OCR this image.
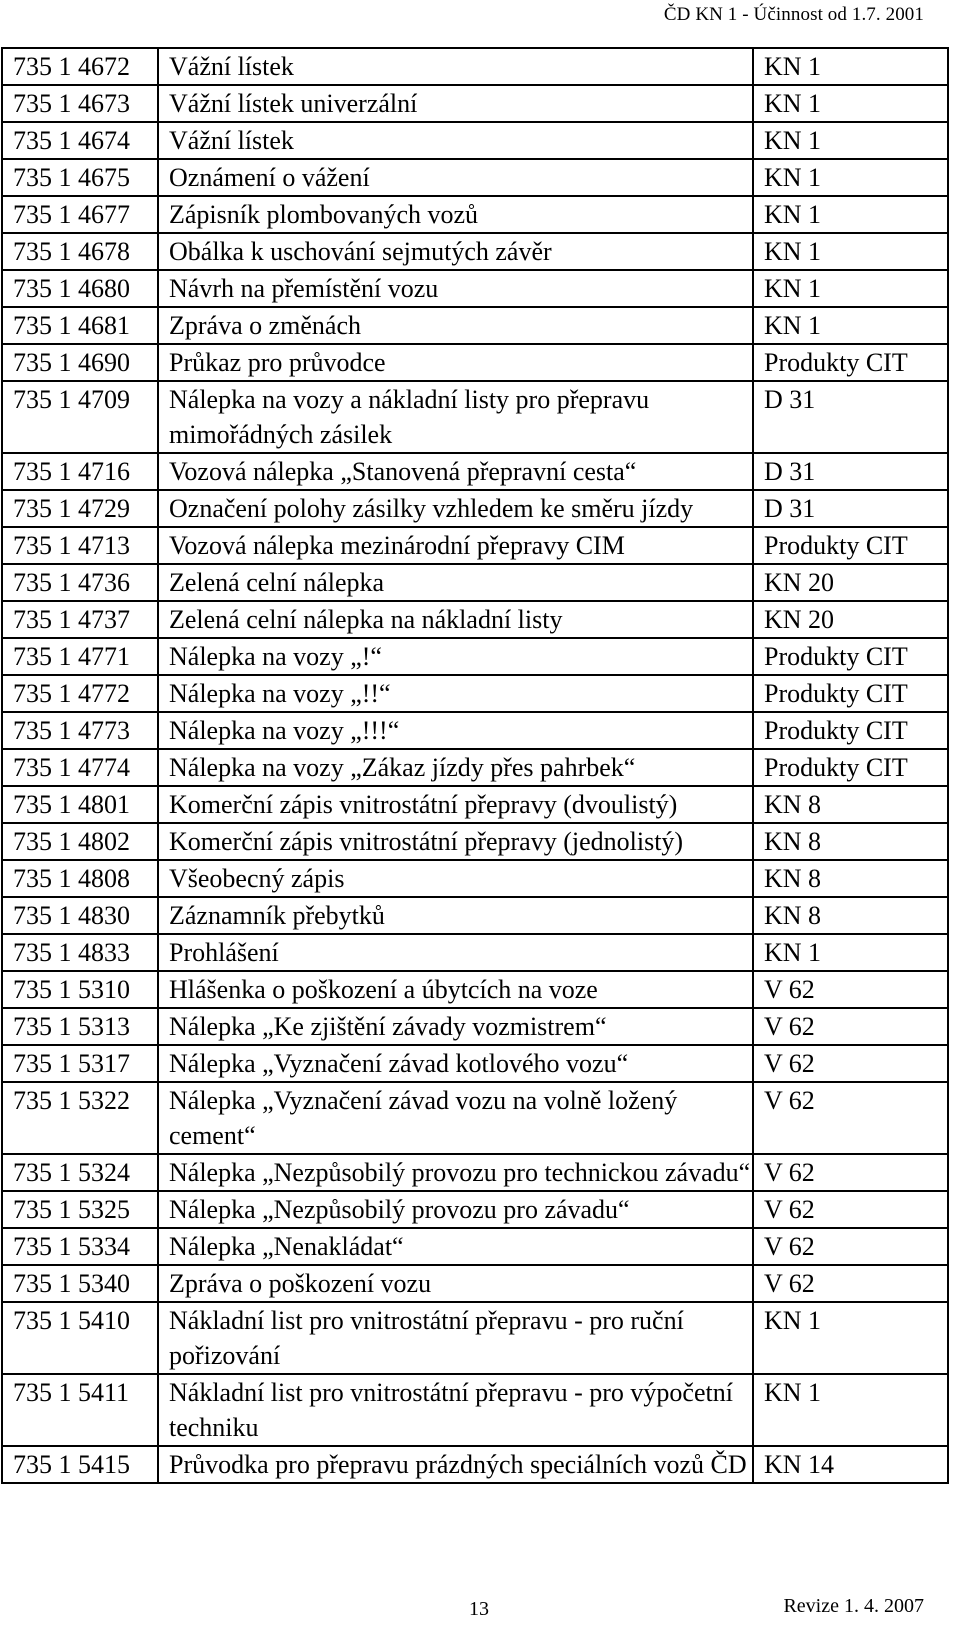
ČD KN 1 - Účinnost od 1.7. 2001
735 1 4672	Vážní lístek	KN 1
735 1 4673	Vážní lístek univerzální	KN 1
735 1 4674	Vážní lístek	KN 1
735 1 4675	Oznámení o vážení	KN 1
735 1 4677	Zápisník plombovaných vozů	KN 1
735 1 4678	Obálka k uschování sejmutých závěr	KN 1
735 1 4680	Návrh na přemístění vozu	KN 1
735 1 4681	Zpráva o změnách	KN 1
735 1 4690	Průkaz pro průvodce	Produkty CIT
735 1 4709	Nálepka na vozy a nákladní listy pro přepravu mimořádných zásilek	D 31
735 1 4716	Vozová nálepka „Stanovená přepravní cesta“	D 31
735 1 4729	Označení polohy zásilky vzhledem ke směru jízdy	D 31
735 1 4713	Vozová nálepka mezinárodní přepravy CIM	Produkty CIT
735 1 4736	Zelená celní nálepka	KN 20
735 1 4737	Zelená celní nálepka na nákladní listy	KN 20
735 1 4771	Nálepka na vozy „!“	Produkty CIT
735 1 4772	Nálepka na vozy „!!“	Produkty CIT
735 1 4773	Nálepka na vozy „!!!“	Produkty CIT
735 1 4774	Nálepka na vozy „Zákaz jízdy přes pahrbek“	Produkty CIT
735 1 4801	Komerční zápis vnitrostátní přepravy (dvoulistý)	KN 8
735 1 4802	Komerční zápis vnitrostátní přepravy (jednolistý)	KN 8
735 1 4808	Všeobecný zápis	KN 8
735 1 4830	Záznamník přebytků	KN 8
735 1 4833	Prohlášení	KN 1
735 1 5310	Hlášenka o poškození a úbytcích na voze	V 62
735 1 5313	Nálepka „Ke zjištění závady vozmistrem“	V 62
735 1 5317	Nálepka „Vyznačení závad kotlového vozu“	V 62
735 1 5322	Nálepka „Vyznačení závad vozu na volně ložený cement“	V 62
735 1 5324	Nálepka „Nezpůsobilý provozu pro technickou závadu“	V 62
735 1 5325	Nálepka „Nezpůsobilý provozu pro závadu“	V 62
735 1 5334	Nálepka „Nenakládat“	V 62
735 1 5340	Zpráva o poškození vozu	V 62
735 1 5410	Nákladní list pro vnitrostátní přepravu - pro ruční pořizování	KN 1
735 1 5411	Nákladní list pro vnitrostátní přepravu - pro výpočetní techniku	KN 1
735 1 5415	Průvodka pro přepravu prázdných speciálních vozů ČD	KN 14
13	Revize 1. 4. 2007
